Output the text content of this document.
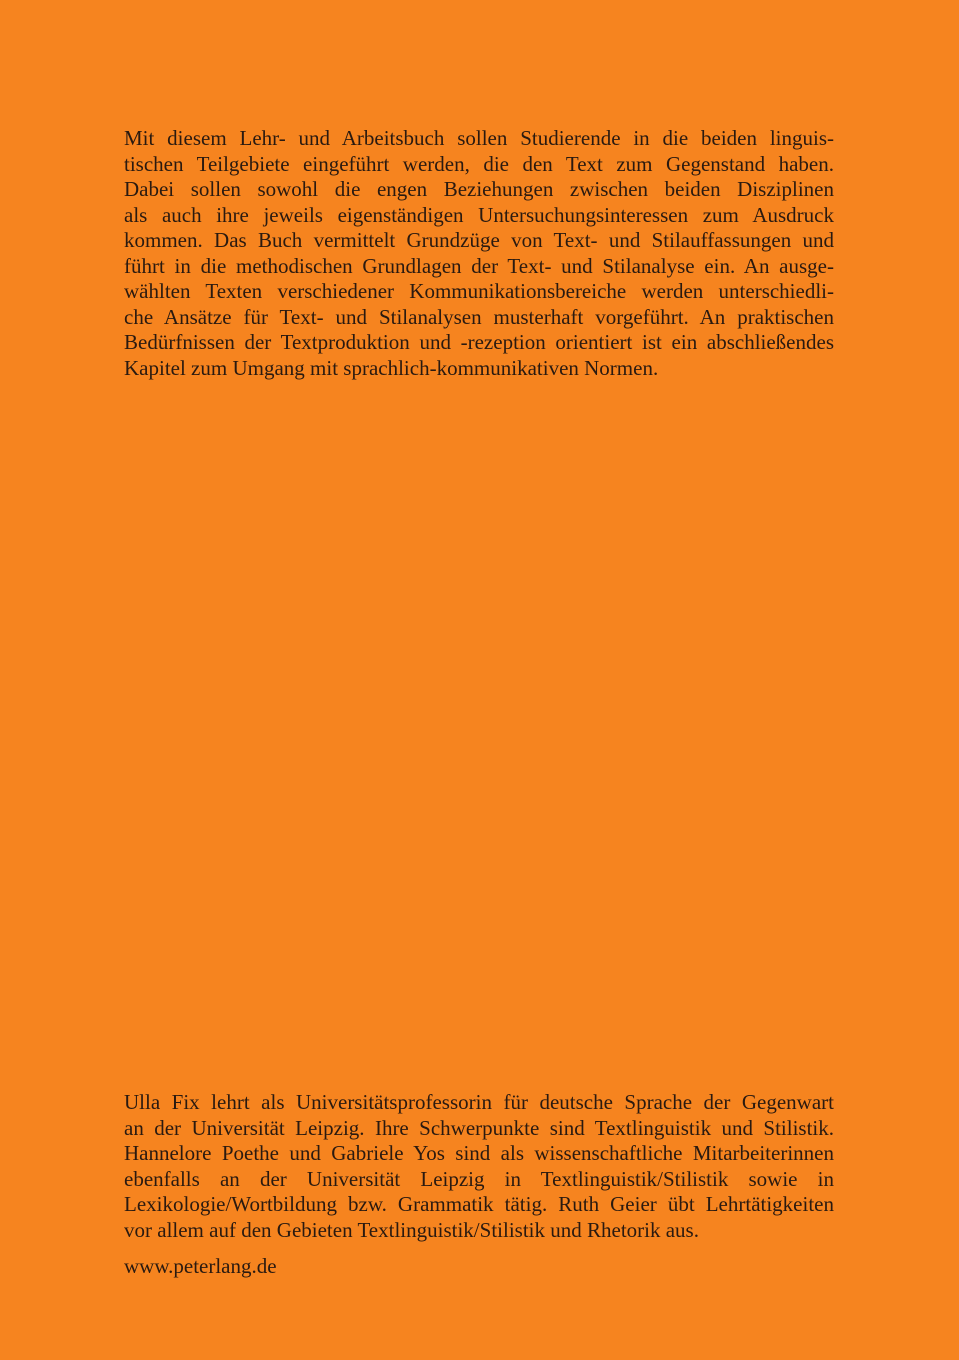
Mit diesem Lehr- und Arbeitsbuch sollen Studierende in die beiden linguis-
tischen Teilgebiete eingeführt werden, die den Text zum Gegenstand haben.
Dabei sollen sowohl die engen Beziehungen zwischen beiden Disziplinen
als auch ihre jeweils eigenständigen Untersuchungsinteressen zum Ausdruck
kommen. Das Buch vermittelt Grundzüge von Text- und Stilauffassungen und
führt in die methodischen Grundlagen der Text- und Stilanalyse ein. An ausge-
wählten Texten verschiedener Kommunikationsbereiche werden unterschiedli-
che Ansätze für Text- und Stilanalysen musterhaft vorgeführt. An praktischen
Bedürfnissen der Textproduktion und -rezeption orientiert ist ein abschließendes
Kapitel zum Umgang mit sprachlich-kommunikativen Normen.
Ulla Fix lehrt als Universitätsprofessorin für deutsche Sprache der Gegenwart
an der Universität Leipzig. Ihre Schwerpunkte sind Textlinguistik und Stilistik.
Hannelore Poethe und Gabriele Yos sind als wissenschaftliche Mitarbeiterinnen
ebenfalls an der Universität Leipzig in Textlinguistik/Stilistik sowie in
Lexikologie/Wortbildung bzw. Grammatik tätig. Ruth Geier übt Lehrtätigkeiten
vor allem auf den Gebieten Textlinguistik/Stilistik und Rhetorik aus.
www.peterlang.de
